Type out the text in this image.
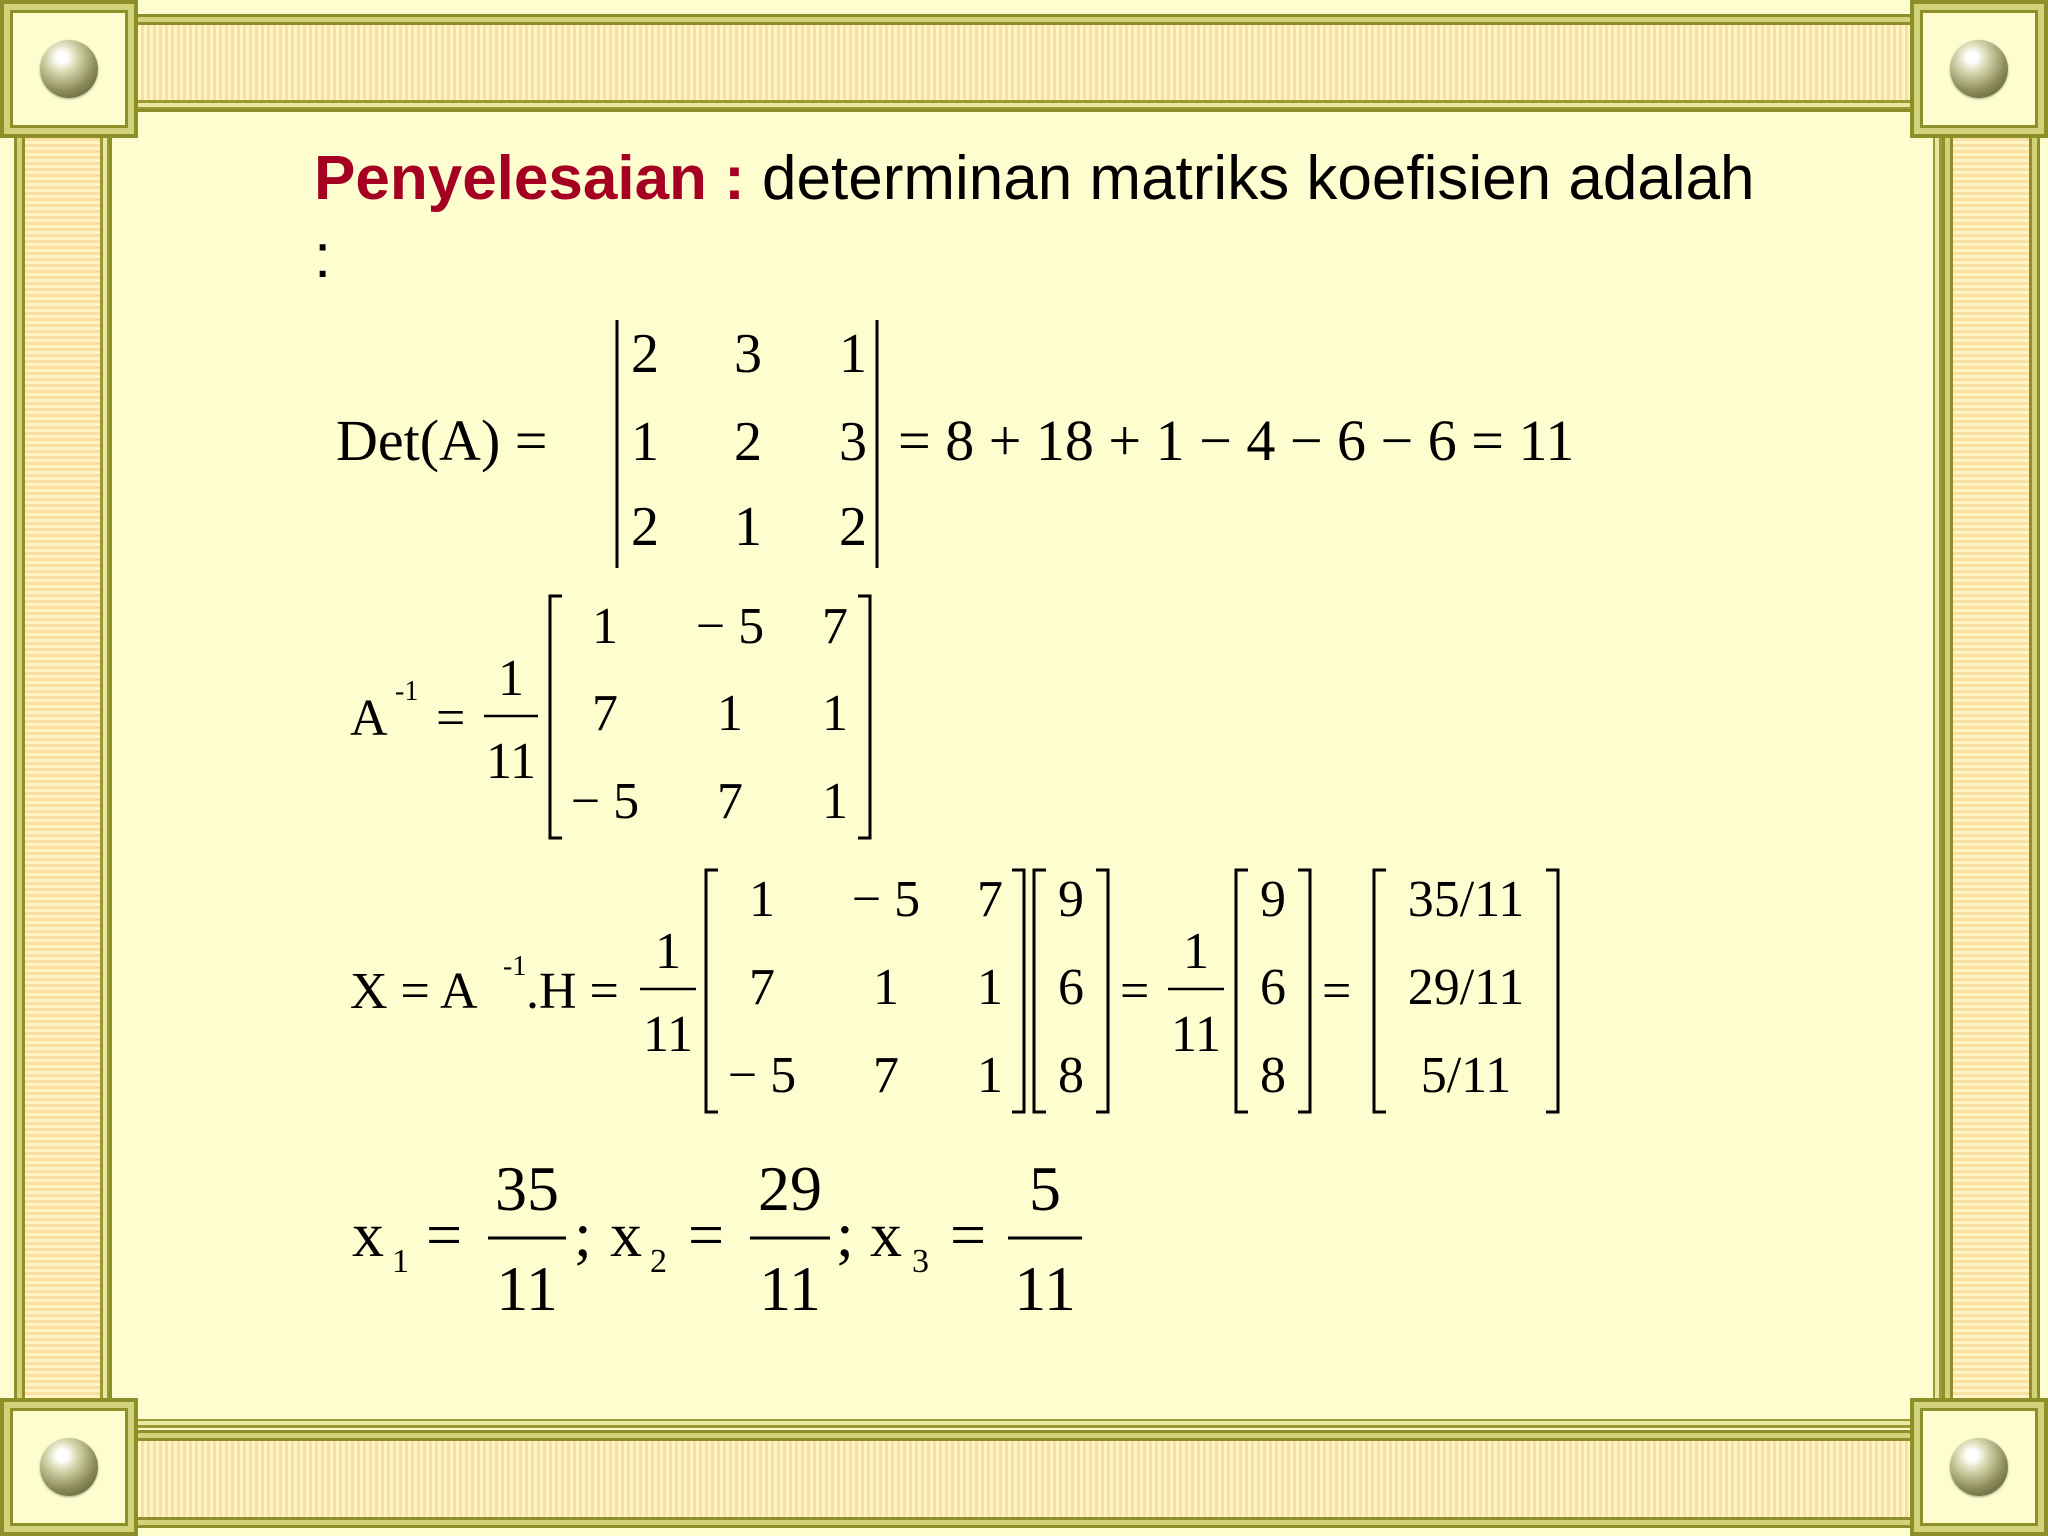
Penyelesaian : determinan matriks koefisien adalah :
Det(A) =
2 3 1
1 2 3
2 1 2
= 8 + 18 + 1 − 4 − 6 − 6 = 11
A -1 =
1
11
1 − 5 7
7 1 1
− 5 7 1
X = A -1 .H =
1
11
1 − 5 7
7 1 1
− 5 7 1
9
6
8
=
1
11
9
6
8
=
35/11
29/11
5/11
x 1 =
35
11
; x 2 =
29
11
; x 3 =
5
11
